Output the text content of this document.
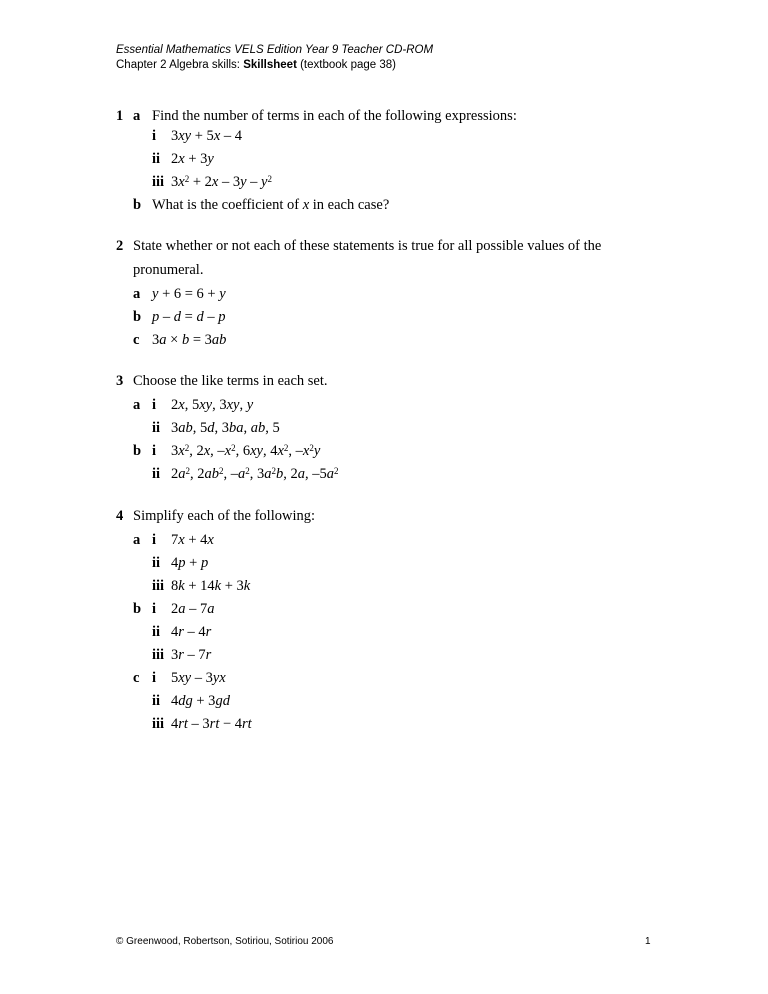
Essential Mathematics VELS Edition Year 9 Teacher CD-ROM
Chapter 2 Algebra skills: Skillsheet (textbook page 38)
1 a Find the number of terms in each of the following expressions:
i 3xy + 5x – 4
ii 2x + 3y
iii $3x^2 + 2x - 3y - y^2$
b What is the coefficient of x in each case?
2 State whether or not each of these statements is true for all possible values of the
pronumeral.
a y + 6 = 6 + y
b p – d = d – p
c 3a × b = 3ab
3 Choose the like terms in each set.
a i 2x, 5xy, 3xy, y
ii 3ab, 5d, 3ba, ab, 5
b i $3x^2$, 2x, $-x^2$, 6xy, $4x^2$, $-x^2y$
ii $2a^2$, $2ab^2$, $-a^2$, $3a^2b$, 2a, $-5a^2$
4 Simplify each of the following:
a i 7x + 4x
ii 4p + p
iii 8k + 14k + 3k
b i 2a – 7a
ii 4r – 4r
iii 3r – 7r
c i 5xy – 3yx
ii 4dg + 3gd
iii 4rt – 3rt − 4rt
© Greenwood, Robertson, Sotiriou, Sotiriou 2006	1
